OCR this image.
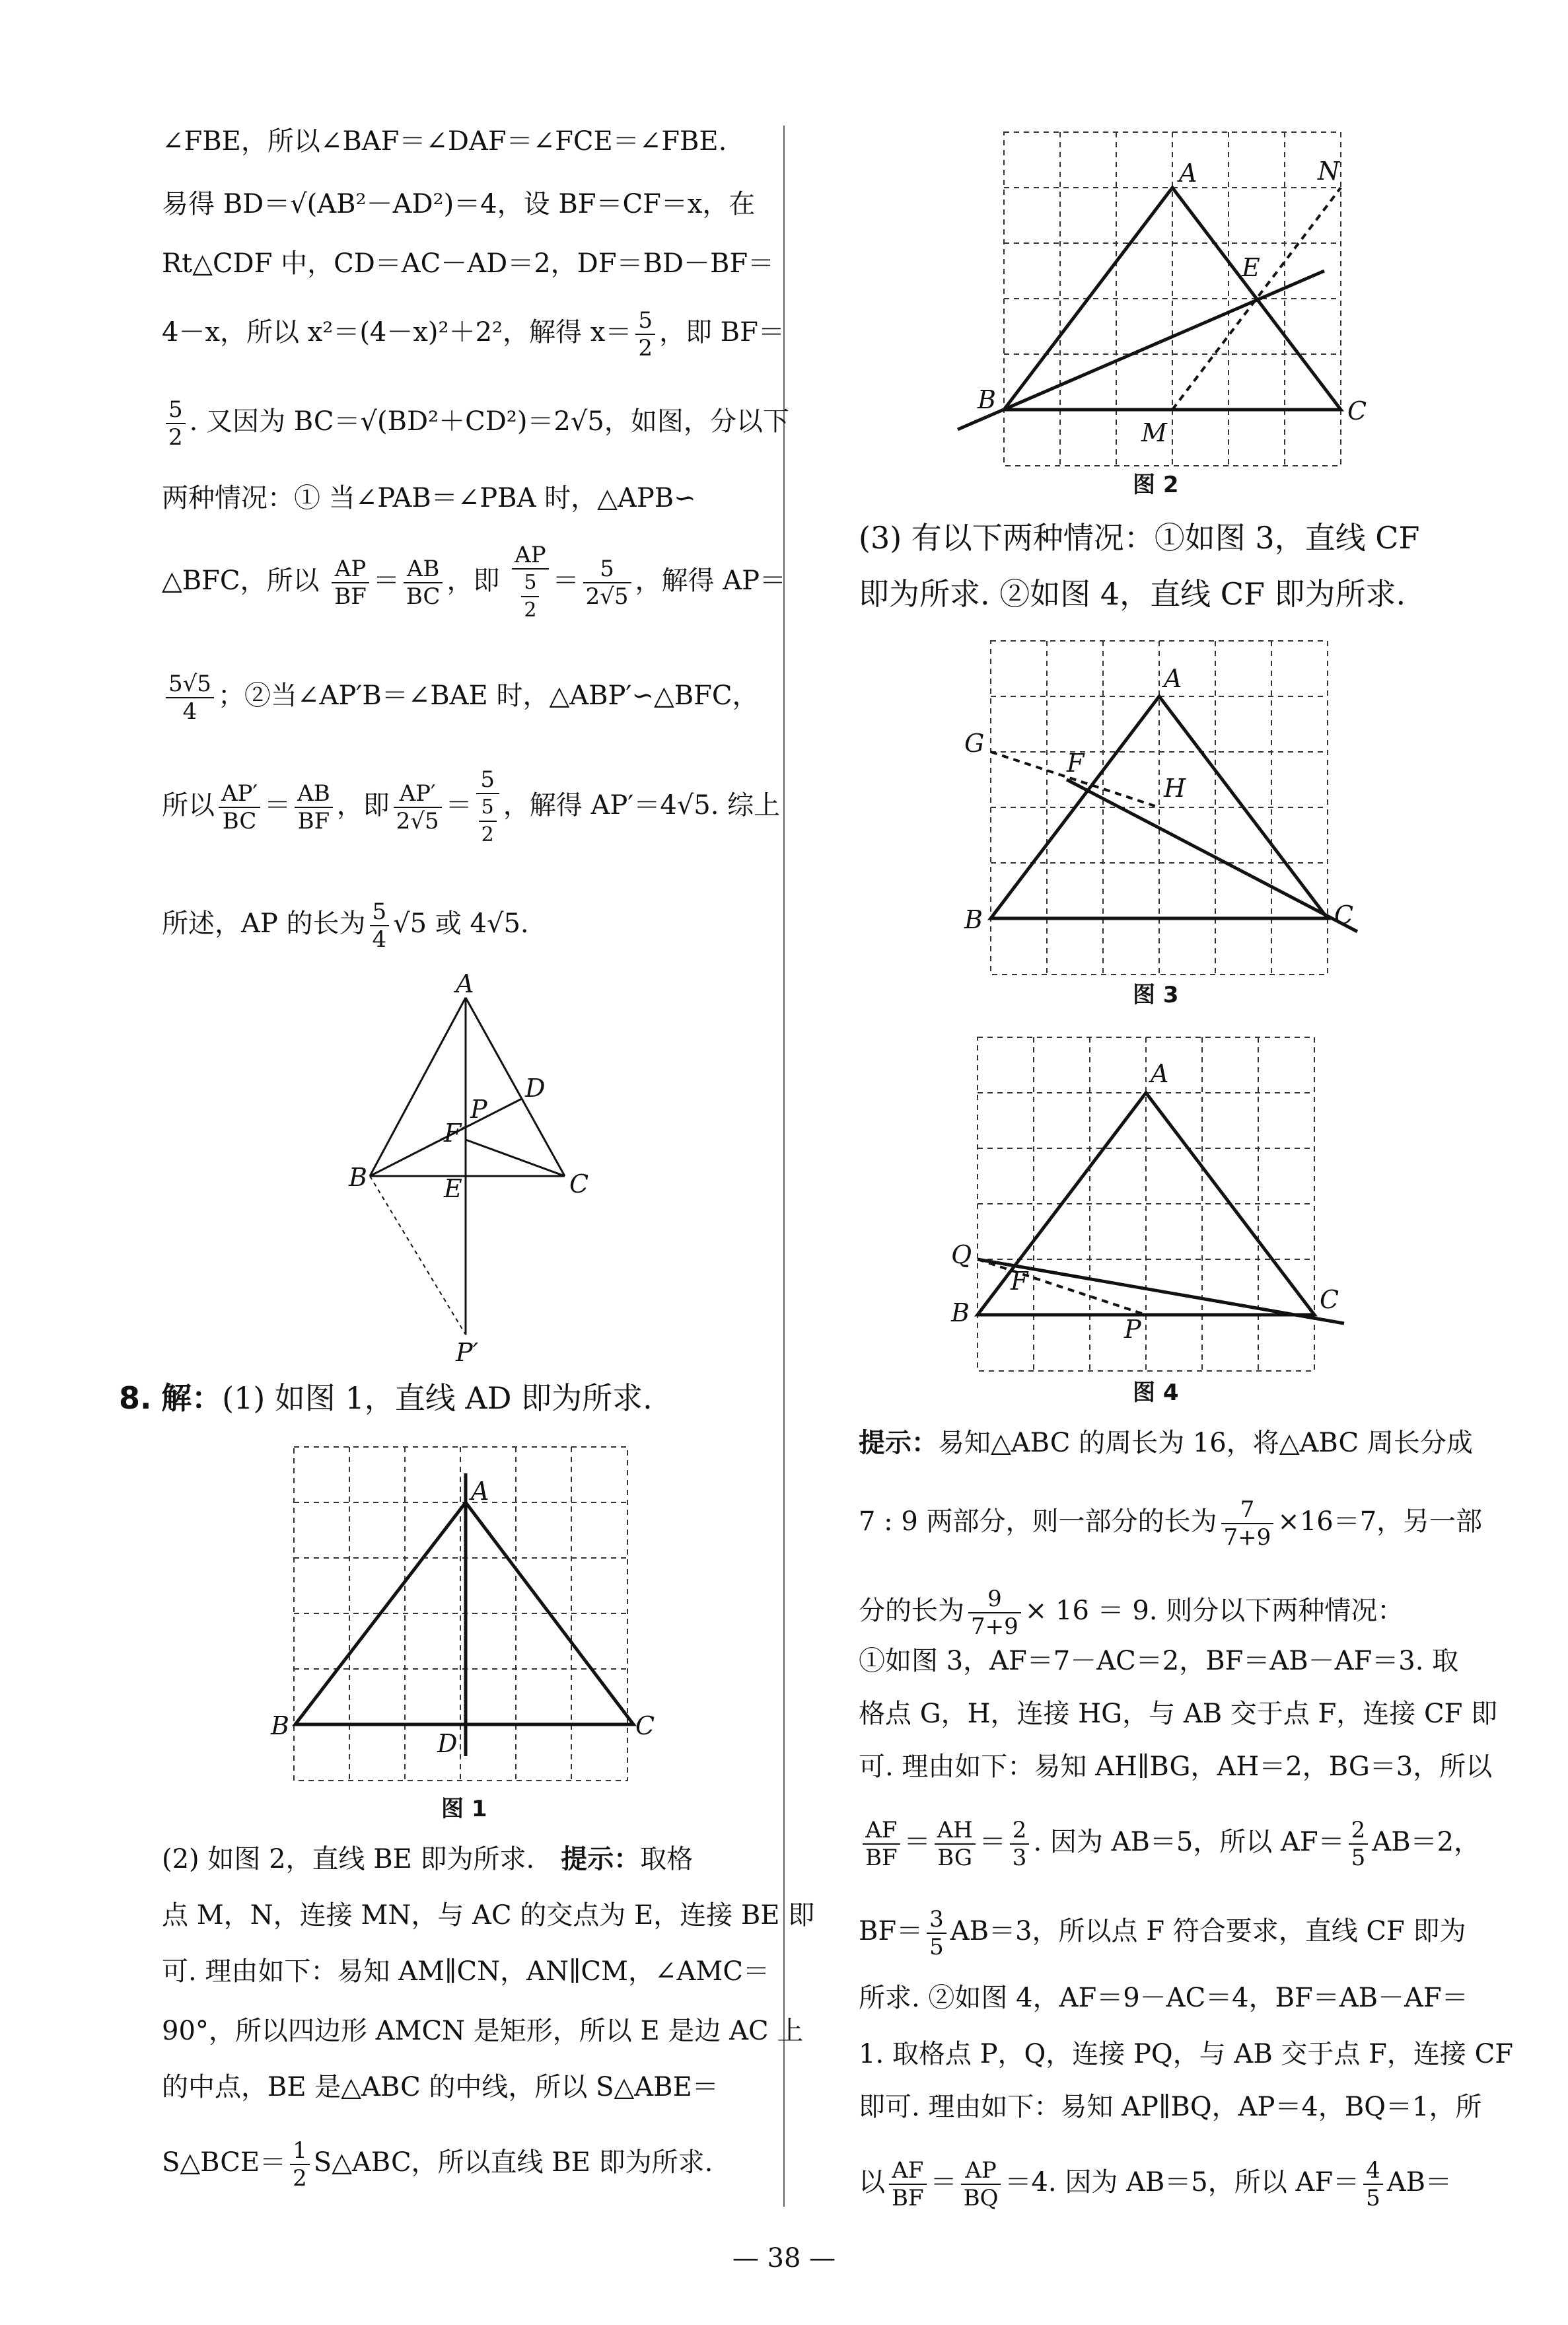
∠FBE，所以∠BAF＝∠DAF＝∠FCE＝∠FBE.
易得 BD＝√(AB²－AD²)＝4，设 BF＝CF＝x，在
Rt△CDF 中，CD＝AC－AD＝2，DF＝BD－BF＝
4－x，所以 x²＝(4－x)²＋2²，解得 $x= \frac{5}{2}$ ，即 BF＝
$\frac{5}{2}$ . 又因为 BC＝√(BD²＋CD²)＝2√5，如图，分以下
两种情况：① 当∠PAB＝∠PBA 时，△APB∽
△BFC，所以 $\frac{AP}{BF} = \frac{AB}{BC}$ ，即 $\frac{AP}{\frac{5}{2}} = \frac{5}{2√5}$ ，解得 AP＝
$\frac{5√5}{4}$ ；②当∠AP′B＝∠BAE 时，△ABP′∽△BFC，
所以 $\frac{AP'}{BC} = \frac{AB}{BF}$ ，即 $\frac{AP'}{2√5} = \frac{5}{\frac{5}{2}}$ ，解得 AP′＝4√5. 综上
所述，AP 的长为 $\frac{5}{4} √5$ 或 4√5.
A
B	C
D
P
F
E
P′
8. 解：(1) 如图 1，直线 AD 即为所求.
A
B	C
D
图 1
(2) 如图 2，直线 BE 即为所求.　 提示：取格
点 M，N，连接 MN，与 AC 的交点为 E，连接 BE 即
可. 理由如下：易知 AM∥CN，AN∥CM，∠AMC＝
90°，所以四边形 AMCN 是矩形，所以 E 是边 AC 上
的中点，BE 是△ABC 的中线，所以 S△ABE＝
S△BCE＝ $\frac{1}{2}$ S△ABC，所以直线 BE 即为所求.
A
B	C
E
M
N
图 2
(3) 有以下两种情况：①如图 3，直线 CF
即为所求. ②如图 4，直线 CF 即为所求.
A
B	C
G
F
H
图 3
A
B	C
Q
F
P
图 4
提示：易知△ABC 的周长为 16，将△ABC 周长分成
7 : 9 两部分，则一部分的长为 $\frac{7}{7+9} \times 16=7$，另一部
分的长为 $\frac{9}{7+9} \times 16 = 9$. 则分以下两种情况：
①如图 3，AF＝7－AC＝2，BF＝AB－AF＝3. 取
格点 G，H，连接 HG，与 AB 交于点 F，连接 CF 即
可. 理由如下：易知 AH∥BG，AH＝2，BG＝3，所以
$\frac{AF}{BF} = \frac{AH}{BG} = \frac{2}{3}$ . 因为 AB＝5，所以 $AF= \frac{2}{5} AB=2$，
$BF= \frac{3}{5} AB=3$，所以点 F 符合要求，直线 CF 即为
所求. ②如图 4，AF＝9－AC＝4，BF＝AB－AF＝
1. 取格点 P，Q，连接 PQ，与 AB 交于点 F，连接 CF
即可. 理由如下：易知 AP∥BQ，AP＝4，BQ＝1，所
以 $\frac{AF}{BF} = \frac{AP}{BQ} =4$. 因为 AB＝5，所以 $AF= \frac{4}{5} AB=$
— 38 —
